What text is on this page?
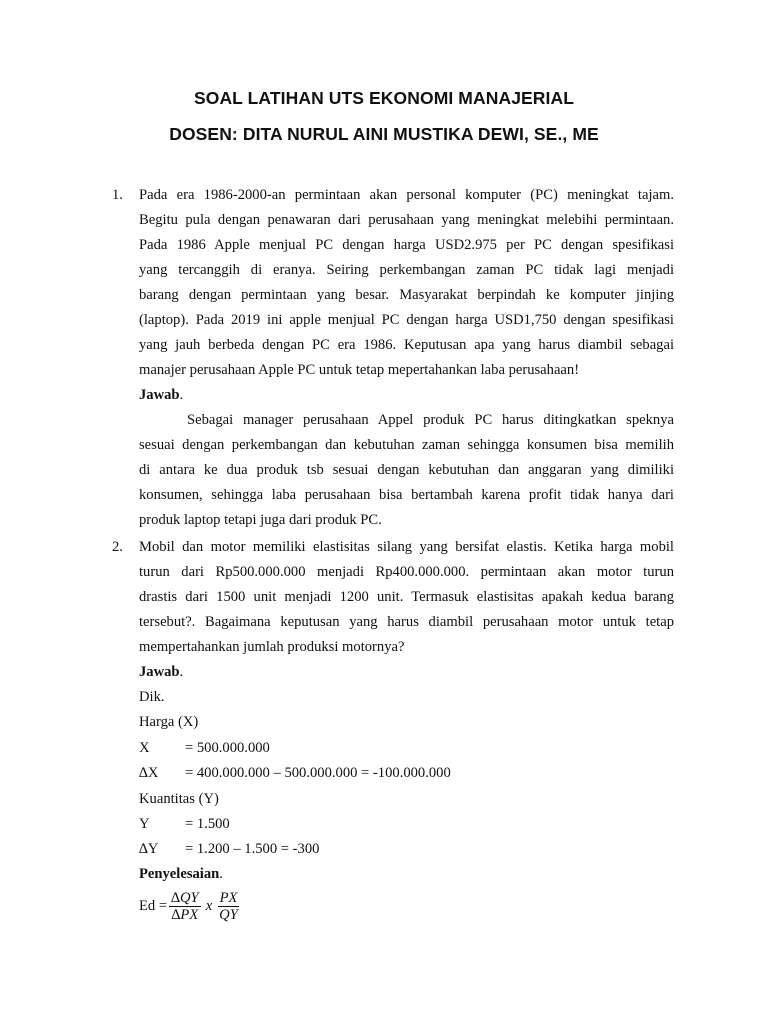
SOAL LATIHAN UTS EKONOMI MANAJERIAL
DOSEN: DITA NURUL AINI MUSTIKA DEWI, SE., ME
1. Pada era 1986-2000-an permintaan akan personal komputer (PC) meningkat tajam.
Begitu pula dengan penawaran dari perusahaan yang meningkat melebihi permintaan.
Pada 1986 Apple menjual PC dengan harga USD2.975 per PC dengan spesifikasi
yang tercanggih di eranya. Seiring perkembangan zaman PC tidak lagi menjadi
barang dengan permintaan yang besar. Masyarakat berpindah ke komputer jinjing
(laptop). Pada 2019 ini apple menjual PC dengan harga USD1,750 dengan spesifikasi
yang jauh berbeda dengan PC era 1986. Keputusan apa yang harus diambil sebagai
manajer perusahaan Apple PC untuk tetap mepertahankan laba perusahaan!
Jawab.
Sebagai manager perusahaan Appel produk PC harus ditingkatkan speknya
sesuai dengan perkembangan dan kebutuhan zaman sehingga konsumen bisa memilih
di antara ke dua produk tsb sesuai dengan kebutuhan dan anggaran yang dimiliki
konsumen, sehingga laba perusahaan bisa bertambah karena profit tidak hanya dari
produk laptop tetapi juga dari produk PC.
2. Mobil dan motor memiliki elastisitas silang yang bersifat elastis. Ketika harga mobil
turun dari Rp500.000.000 menjadi Rp400.000.000. permintaan akan motor turun
drastis dari 1500 unit menjadi 1200 unit. Termasuk elastisitas apakah kedua barang
tersebut?. Bagaimana keputusan yang harus diambil perusahaan motor untuk tetap
mempertahankan jumlah produksi motornya?
Jawab.
Dik.
Harga (X)
X = 500.000.000
∆X = 400.000.000 – 500.000.000 = -100.000.000
Kuantitas (Y)
Y = 1.500
∆Y = 1.200 – 1.500 = -300
Penyelesaian.
$Ed = \frac{\Delta QY}{\Delta PX}$ x $\frac{PX}{QY}$
